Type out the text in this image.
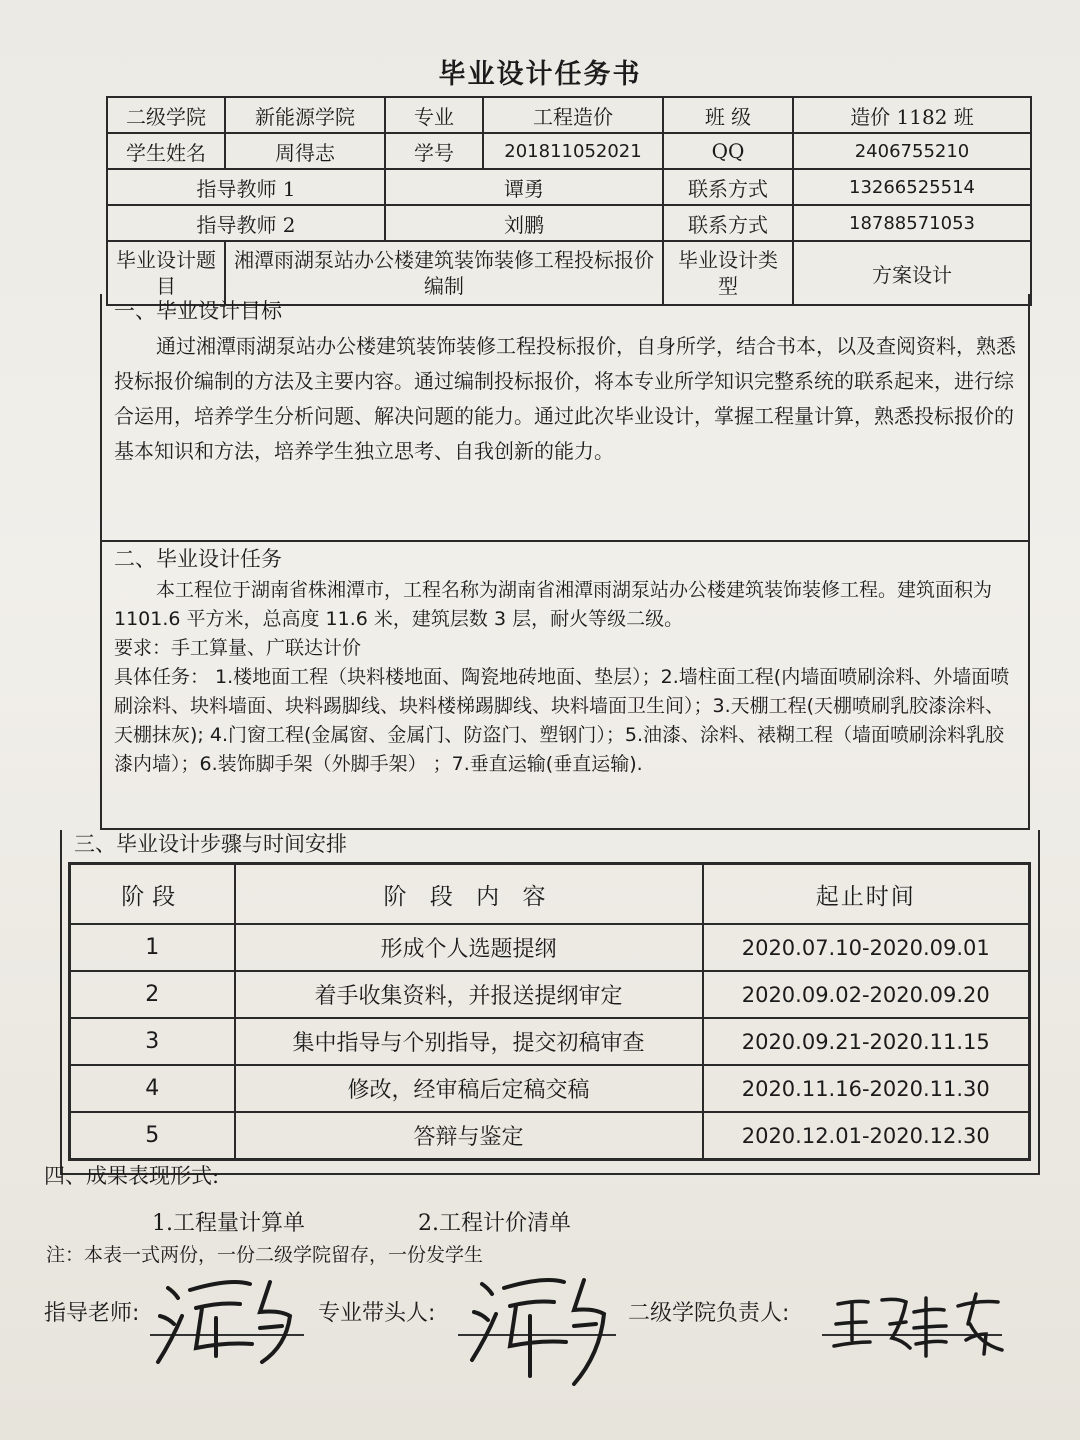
毕业设计任务书
二级学院	新能源学院	专业	工程造价	班 级	造价 1182 班
学生姓名	周得志	学号	201811052021	QQ	2406755210
指导教师 1		谭勇		联系方式	13266525514
指导教师 2		刘鹏		联系方式	18788571053
毕业设计题目	湘潭雨湖泵站办公楼建筑装饰装修工程投标报价编制			毕业设计类型	方案设计
一、毕业设计目标

通过湘潭雨湖泵站办公楼建筑装饰装修工程投标报价，自身所学，结合书本，以及查阅资料，熟悉投标报价编制的方法及主要内容。通过编制投标报价，将本专业所学知识完整系统的联系起来，进行综合运用，培养学生分析问题、解决问题的能力。通过此次毕业设计，掌握工程量计算，熟悉投标报价的基本知识和方法，培养学生独立思考、自我创新的能力。

二、毕业设计任务

本工程位于湖南省株湘潭市，工程名称为湖南省湘潭雨湖泵站办公楼建筑装饰装修工程。建筑面积为 1101.6 平方米，总高度 11.6 米，建筑层数 3 层，耐火等级二级。

要求：手工算量、广联达计价

具体任务： 1.楼地面工程（块料楼地面、陶瓷地砖地面、垫层）；2.墙柱面工程(内墙面喷刷涂料、外墙面喷刷涂料、块料墙面、块料踢脚线、块料楼梯踢脚线、块料墙面卫生间）；3.天棚工程(天棚喷刷乳胶漆涂料、天棚抹灰); 4.门窗工程(金属窗、金属门、防盗门、塑钢门）；5.油漆、涂料、裱糊工程（墙面喷刷涂料乳胶漆内墙）；6.装饰脚手架（外脚手架） ；7.垂直运输(垂直运输).

三、毕业设计步骤与时间安排
阶段	阶 段 内 容	起止时间
1	形成个人选题提纲	2020.07.10-2020.09.01
2	着手收集资料，并报送提纲审定	2020.09.02-2020.09.20
3	集中指导与个别指导，提交初稿审查	2020.09.21-2020.11.15
4	修改，经审稿后定稿交稿	2020.11.16-2020.11.30
5	答辩与鉴定	2020.12.01-2020.12.30
四、成果表现形式:
1.工程量计算单	2.工程计价清单
注：本表一式两份，一份二级学院留存，一份发学生
指导老师:	专业带头人:	二级学院负责人:
